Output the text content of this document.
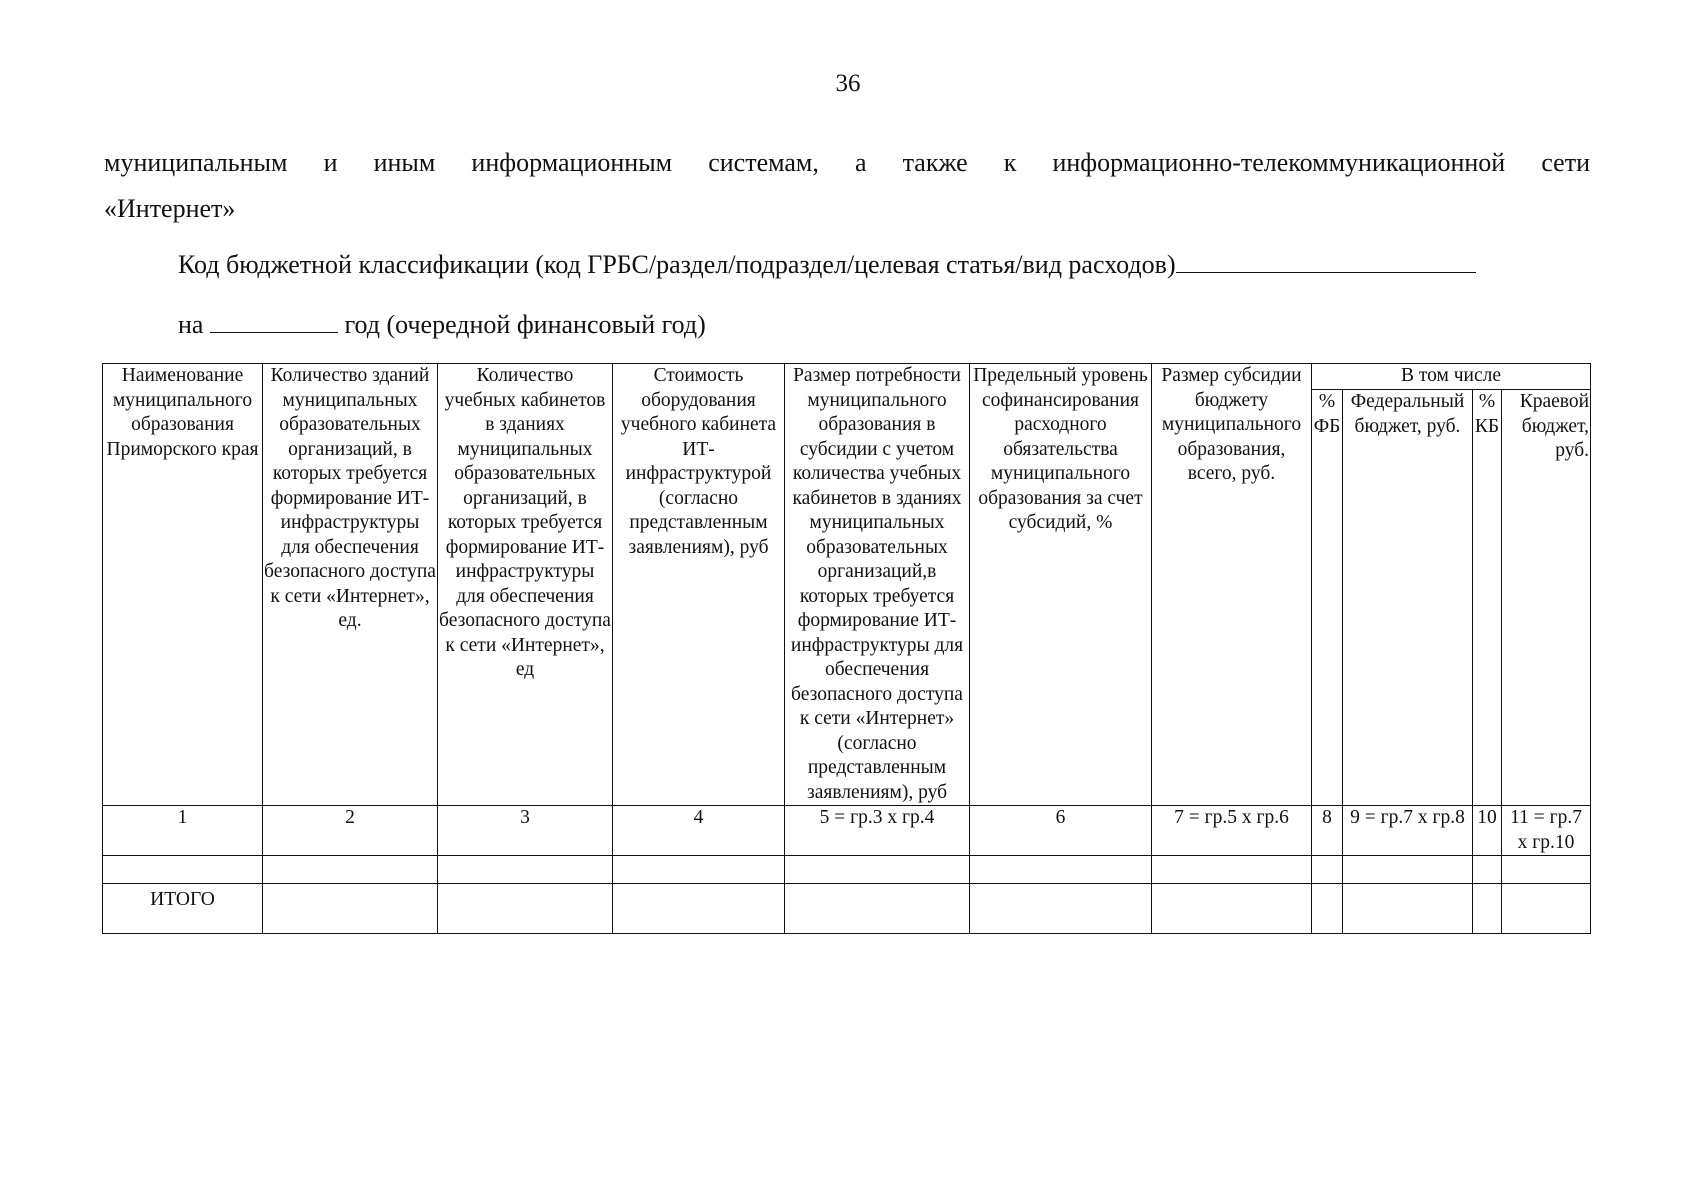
36
муниципальным и иным информационным системам, а также к информационно-телекоммуникационной сети
«Интернет»
Код бюджетной классификации (код ГРБС/раздел/подраздел/целевая статья/вид расходов)
на	год (очередной финансовый год)
Наименование муниципального образования Приморского края	Количество зданий муниципальных образовательных организаций, в которых требуется формирование ИТ-инфраструктуры для обеспечения безопасного доступа к сети «Интернет», ед.	Количество учебных кабинетов в зданиях муниципальных образовательных организаций, в которых требуется формирование ИТ-инфраструктуры для обеспечения безопасного доступа к сети «Интернет», ед	Стоимость оборудования учебного кабинета ИТ-инфраструктурой (согласно представленным заявлениям), руб	Размер потребности муниципального образования в субсидии с учетом количества учебных кабинетов в зданиях муниципальных образовательных организаций,в которых требуется формирование ИТ-инфраструктуры для обеспечения безопасного доступа к сети «Интернет» (согласно представленным заявлениям), руб	Предельный уровень софинансирования расходного обязательства муниципального образования за счет субсидий, %	Размер субсидии бюджету муниципального образования, всего, руб.	В том числе			
							% ФБ	Федеральный бюджет, руб.	% КБ	Краевой бюджет, руб.
1	2	3	4	5 = гр.3 х гр.4	6	7 = гр.5 х гр.6	8	9 = гр.7 х гр.8	10	11 = гр.7 х гр.10

ИТОГО										
